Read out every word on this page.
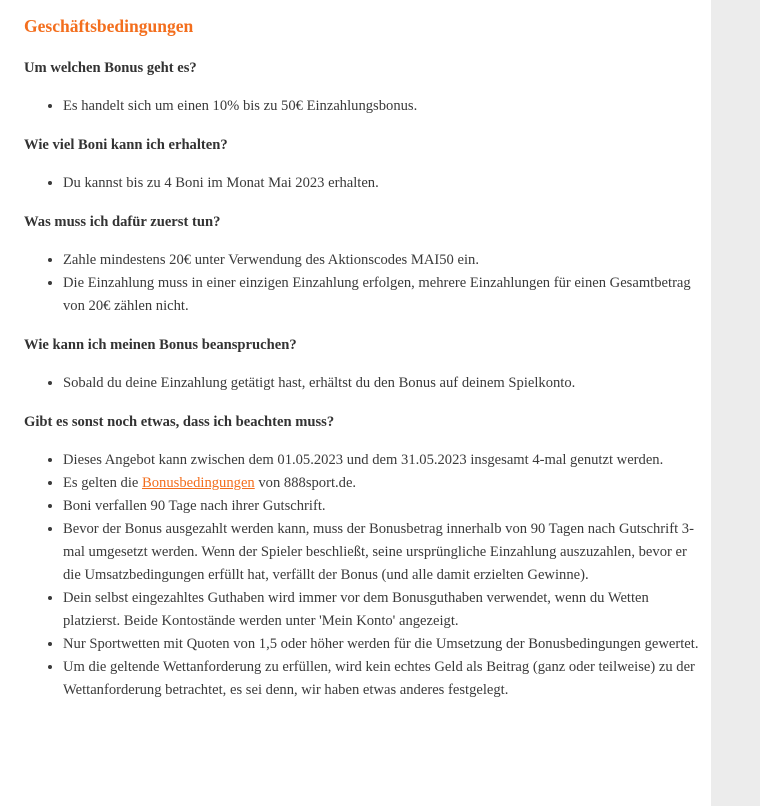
Geschäftsbedingungen
Um welchen Bonus geht es?
• Es handelt sich um einen 10% bis zu 50€ Einzahlungsbonus.
Wie viel Boni kann ich erhalten?
• Du kannst bis zu 4 Boni im Monat Mai 2023 erhalten.
Was muss ich dafür zuerst tun?
• Zahle mindestens 20€ unter Verwendung des Aktionscodes MAI50 ein.
• Die Einzahlung muss in einer einzigen Einzahlung erfolgen, mehrere Einzahlungen für einen Gesamtbetrag von 20€ zählen nicht.
Wie kann ich meinen Bonus beanspruchen?
• Sobald du deine Einzahlung getätigt hast, erhältst du den Bonus auf deinem Spielkonto.
Gibt es sonst noch etwas, dass ich beachten muss?
• Dieses Angebot kann zwischen dem 01.05.2023 und dem 31.05.2023 insgesamt 4-mal genutzt werden.
• Es gelten die Bonusbedingungen von 888sport.de.
• Boni verfallen 90 Tage nach ihrer Gutschrift.
• Bevor der Bonus ausgezahlt werden kann, muss der Bonusbetrag innerhalb von 90 Tagen nach Gutschrift 3-mal umgesetzt werden. Wenn der Spieler beschließt, seine ursprüngliche Einzahlung auszuzahlen, bevor er die Umsatzbedingungen erfüllt hat, verfällt der Bonus (und alle damit erzielten Gewinne).
• Dein selbst eingezahltes Guthaben wird immer vor dem Bonusguthaben verwendet, wenn du Wetten platzierst. Beide Kontostände werden unter 'Mein Konto' angezeigt.
• Nur Sportwetten mit Quoten von 1,5 oder höher werden für die Umsetzung der Bonusbedingungen gewertet.
• Um die geltende Wettanforderung zu erfüllen, wird kein echtes Geld als Beitrag (ganz oder teilweise) zu der Wettanforderung betrachtet, es sei denn, wir haben etwas anderes festgelegt.
